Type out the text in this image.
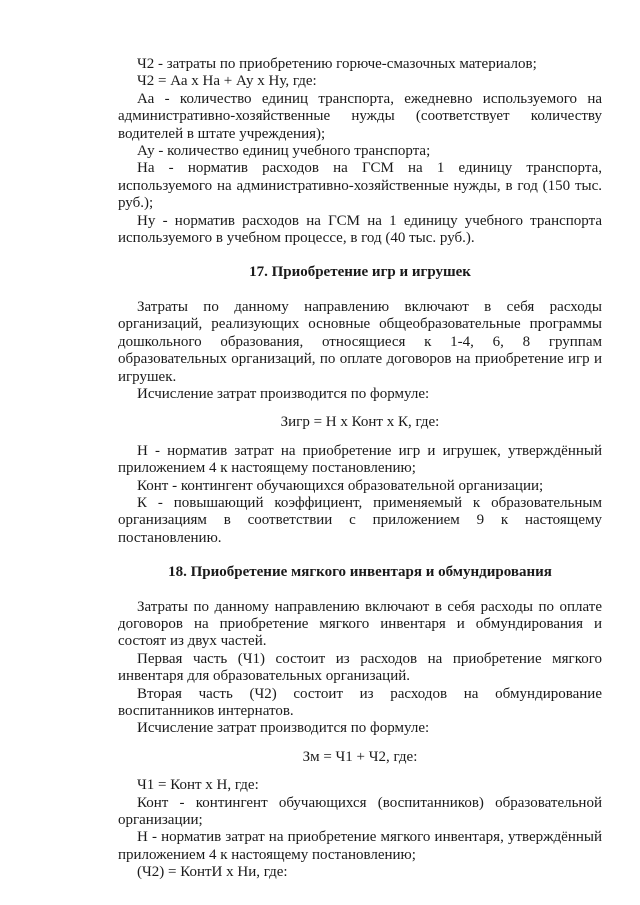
Ч2 - затраты по приобретению горюче-смазочных материалов;

Ч2 = Аа х На + Ау х Ну, где:

Аа - количество единиц транспорта, ежедневно используемого на административно-хозяйственные нужды (соответствует количеству водителей в штате учреждения);

Ау - количество единиц учебного транспорта;

На - норматив расходов на ГСМ на 1 единицу транспорта, используемого на административно-хозяйственные нужды, в год (150 тыс. руб.);

Ну - норматив расходов на ГСМ на 1 единицу учебного транспорта используемого в учебном процессе, в год (40 тыс. руб.).

17. Приобретение игр и игрушек

Затраты по данному направлению включают в себя расходы организаций, реализующих основные общеобразовательные программы дошкольного образования, относящиеся к 1-4, 6, 8 группам образовательных организаций, по оплате договоров на приобретение игр и игрушек.

Исчисление затрат производится по формуле:

Зигр = Н х Конт х К, где:

Н - норматив затрат на приобретение игр и игрушек, утверждённый приложением 4 к настоящему постановлению;

Конт - контингент обучающихся образовательной организации;

К - повышающий коэффициент, применяемый к образовательным организациям в соответствии с приложением 9 к настоящему постановлению.

18. Приобретение мягкого инвентаря и обмундирования

Затраты по данному направлению включают в себя расходы по оплате договоров на приобретение мягкого инвентаря и обмундирования и состоят из двух частей.

Первая часть (Ч1) состоит из расходов на приобретение мягкого инвентаря для образовательных организаций.

Вторая часть (Ч2) состоит из расходов на обмундирование воспитанников интернатов.

Исчисление затрат производится по формуле:

Зм = Ч1 + Ч2, где:

Ч1 = Конт х Н, где:

Конт - контингент обучающихся (воспитанников) образовательной организации;

Н - норматив затрат на приобретение мягкого инвентаря, утверждённый приложением 4 к настоящему постановлению;

(Ч2) = КонтИ х Ни, где:
